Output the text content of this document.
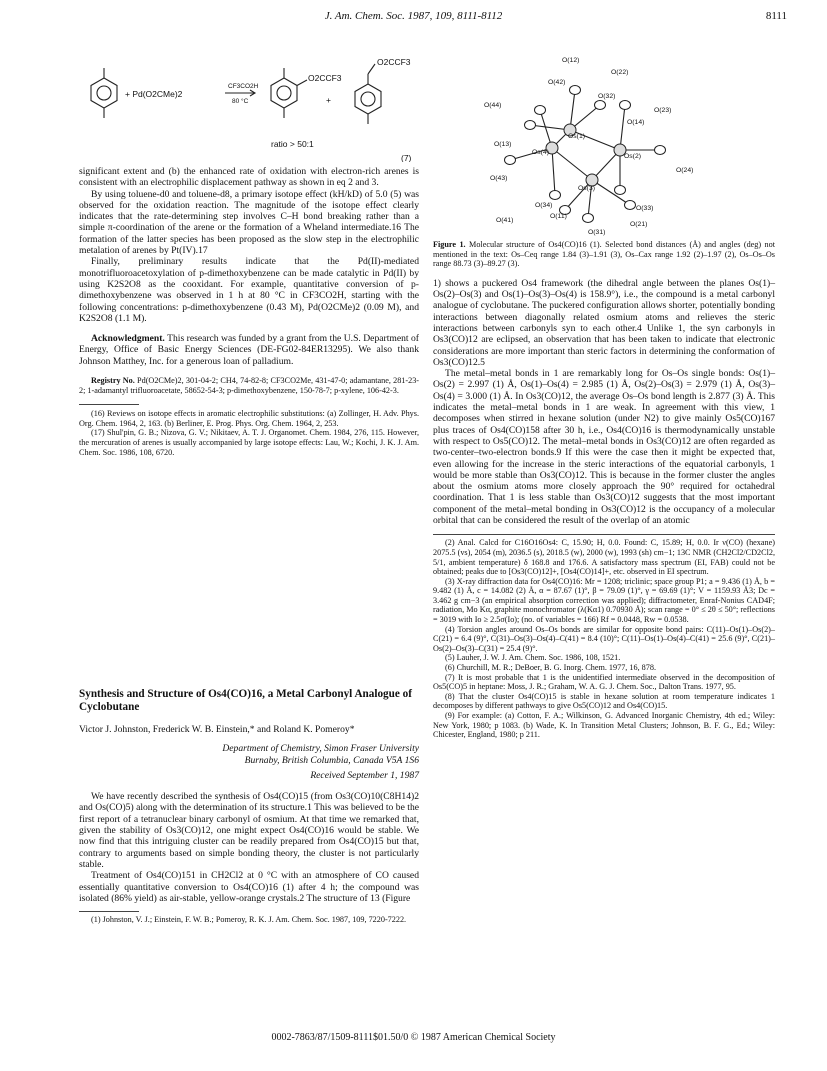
J. Am. Chem. Soc. 1987, 109, 8111-8112	8111
O2CCF3
O2CCF3
+ Pd(O2CMe)2
CF3CO2H
80 °C	+
ratio > 50:1
(7)

significant extent and (b) the enhanced rate of oxidation with electron-rich arenes is consistent with an electrophilic displacement pathway as shown in eq 2 and 3.

By using toluene-d0 and toluene-d8, a primary isotope effect (kH/kD) of 5.0 (5) was observed for the oxidation reaction. The magnitude of the isotope effect clearly indicates that the rate-determining step involves C–H bond breaking rather than a simple π-coordination of the arene or the formation of a Wheland intermediate.16 The formation of the latter species has been proposed as the slow step in the electrophilic metalation of arenes by Pt(IV).17

Finally, preliminary results indicate that the Pd(II)-mediated monotrifluoroacetoxylation of p-dimethoxybenzene can be made catalytic in Pd(II) by using K2S2O8 as the cooxidant. For example, quantitative conversion of p-dimethoxybenzene was observed in 1 h at 80 °C in CF3CO2H, starting with the following concentrations: p-dimethoxybenzene (0.43 M), Pd(O2CMe)2 (0.09 M), and K2S2O8 (1.1 M).

Acknowledgment. This research was funded by a grant from the U.S. Department of Energy, Office of Basic Energy Sciences (DE-FG02-84ER13295). We also thank Johnson Matthey, Inc. for a generous loan of palladium.

Registry No. Pd(O2CMe)2, 301-04-2; CH4, 74-82-8; CF3CO2Me, 431-47-0; adamantane, 281-23-2; 1-adamantyl trifluoroacetate, 58652-54-3; p-dimethoxybenzene, 150-78-7; p-xylene, 106-42-3.

(16) Reviews on isotope effects in aromatic electrophilic substitutions: (a) Zollinger, H. Adv. Phys. Org. Chem. 1964, 2, 163. (b) Berliner, E. Prog. Phys. Org. Chem. 1964, 2, 253.

(17) Shul'pin, G. B.; Nizova, G. V.; Nikitaev, A. T. J. Organomet. Chem. 1984, 276, 115. However, the mercuration of arenes is usually accompanied by large isotope effects: Lau, W.; Kochi, J. K. J. Am. Chem. Soc. 1986, 108, 6720.

Synthesis and Structure of Os4(CO)16, a Metal Carbonyl Analogue of Cyclobutane

Victor J. Johnston, Frederick W. B. Einstein,* and Roland K. Pomeroy*

Department of Chemistry, Simon Fraser University

Burnaby, British Columbia, Canada V5A 1S6

Received September 1, 1987

We have recently described the synthesis of Os4(CO)15 (from Os3(CO)10(C8H14)2 and Os(CO)5) along with the determination of its structure.1 This was believed to be the first report of a tetranuclear binary carbonyl of osmium. At that time we remarked that, given the stability of Os3(CO)12, one might expect Os4(CO)16 would be stable. We now find that this intriguing cluster can be readily prepared from Os4(CO)15 but that, contrary to arguments based on simple bonding theory, the cluster is not particularly stable.

Treatment of Os4(CO)151 in CH2Cl2 at 0 °C with an atmosphere of CO caused essentially quantitative conversion to Os4(CO)16 (1) after 4 h; the compound was isolated (86% yield) as air-stable, yellow-orange crystals.2 The structure of 13 (Figure

(1) Johnston, V. J.; Einstein, F. W. B.; Pomeroy, R. K. J. Am. Chem. Soc. 1987, 109, 7220-7222.

O(12)
O(22)
O(42)
O(44)
O(32)
O(23)
O(14)
Os(1)
O(13)
Os(4)
Os(2)
O(24)
O(43)
Os(3)
O(34)	O(33)
O(41)
O(11)
O(21)
O(31)

Figure 1. Molecular structure of Os4(CO)16 (1). Selected bond distances (Å) and angles (deg) not mentioned in the text: Os–Ceq range 1.84 (3)–1.91 (3), Os–Cax range 1.92 (2)–1.97 (2), Os–Os–Os range 88.73 (3)–89.27 (3).

1) shows a puckered Os4 framework (the dihedral angle between the planes Os(1)–Os(2)–Os(3) and Os(1)–Os(3)–Os(4) is 158.9°), i.e., the compound is a metal carbonyl analogue of cyclobutane. The puckered configuration allows shorter, potentially bonding interactions between diagonally related osmium atoms and relieves the steric interactions between carbonyls syn to each other.4 Unlike 1, the syn carbonyls in Os3(CO)12 are eclipsed, an observation that has been taken to indicate that electronic considerations are more important than steric factors in determining the conformation of Os3(CO)12.5

The metal–metal bonds in 1 are remarkably long for Os–Os single bonds: Os(1)–Os(2) = 2.997 (1) Å, Os(1)–Os(4) = 2.985 (1) Å, Os(2)–Os(3) = 2.979 (1) Å, Os(3)–Os(4) = 3.000 (1) Å. In Os3(CO)12, the average Os–Os bond length is 2.877 (3) Å. This indicates the metal–metal bonds in 1 are weak. In agreement with this view, 1 decomposes when stirred in hexane solution (under N2) to give mainly Os5(CO)167 plus traces of Os4(CO)158 after 30 h, i.e., Os4(CO)16 is thermodynamically unstable with respect to Os5(CO)12. The metal–metal bonds in Os3(CO)12 are often regarded as two-center–two-electron bonds.9 If this were the case then it might be expected that, even allowing for the increase in the steric interactions of the equatorial carbonyls, 1 would be more stable than Os3(CO)12. This is because in the former cluster the angles about the osmium atoms more closely approach the 90° required for octahedral coordination. That 1 is less stable than Os3(CO)12 suggests that the most important component of the metal–metal bonding in Os3(CO)12 is the occupancy of a molecular orbital that can be considered the result of the overlap of an atomic

(2) Anal. Calcd for C16O16Os4: C, 15.90; H, 0.0. Found: C, 15.89; H, 0.0. Ir ν(CO) (hexane) 2075.5 (vs), 2054 (m), 2036.5 (s), 2018.5 (w), 2000 (w), 1993 (sh) cm−1; 13C NMR (CH2Cl2/CD2Cl2, 5/1, ambient temperature) δ 168.8 and 176.6. A satisfactory mass spectrum (EI, FAB) could not be obtained; peaks due to [Os3(CO)12]+, [Os4(CO)14]+, etc. observed in EI spectrum.

(3) X-ray diffraction data for Os4(CO)16: Mr = 1208; triclinic; space group P1; a = 9.436 (1) Å, b = 9.482 (1) Å, c = 14.082 (2) Å, α = 87.67 (1)°, β = 79.09 (1)°, γ = 69.69 (1)°; V = 1159.93 Å3; Dc = 3.462 g cm−3 (an empirical absorption correction was applied); diffractometer, Enraf-Nonius CAD4F; radiation, Mo Kα, graphite monochromator (λ(Kα1) 0.70930 Å); scan range = 0° ≤ 2θ ≤ 50°; reflections = 3019 with Io ≥ 2.5σ(Io); (no. of variables = 166) Rf = 0.0448, Rw = 0.0538.

(4) Torsion angles around Os–Os bonds are similar for opposite bond pairs: C(11)–Os(1)–Os(2)–C(21) = 6.4 (9)°, C(31)–Os(3)–Os(4)–C(41) = 8.4 (10)°; C(11)–Os(1)–Os(4)–C(41) = 25.6 (9)°, C(21)–Os(2)–Os(3)–C(31) = 25.4 (9)°.

(5) Lauher, J. W. J. Am. Chem. Soc. 1986, 108, 1521.

(6) Churchill, M. R.; DeBoer, B. G. Inorg. Chem. 1977, 16, 878.

(7) It is most probable that 1 is the unidentified intermediate observed in the decomposition of Os5(CO)5 in heptane: Moss, J. R.; Graham, W. A. G. J. Chem. Soc., Dalton Trans. 1977, 95.

(8) That the cluster Os4(CO)15 is stable in hexane solution at room temperature indicates 1 decomposes by different pathways to give Os5(CO)12 and Os4(CO)15.

(9) For example: (a) Cotton, F. A.; Wilkinson, G. Advanced Inorganic Chemistry, 4th ed.; Wiley: New York, 1980; p 1083. (b) Wade, K. In Transition Metal Clusters; Johnson, B. F. G., Ed.; Wiley: Chicester, England, 1980; p 211.

0002-7863/87/1509-8111$01.50/0 © 1987 American Chemical Society
